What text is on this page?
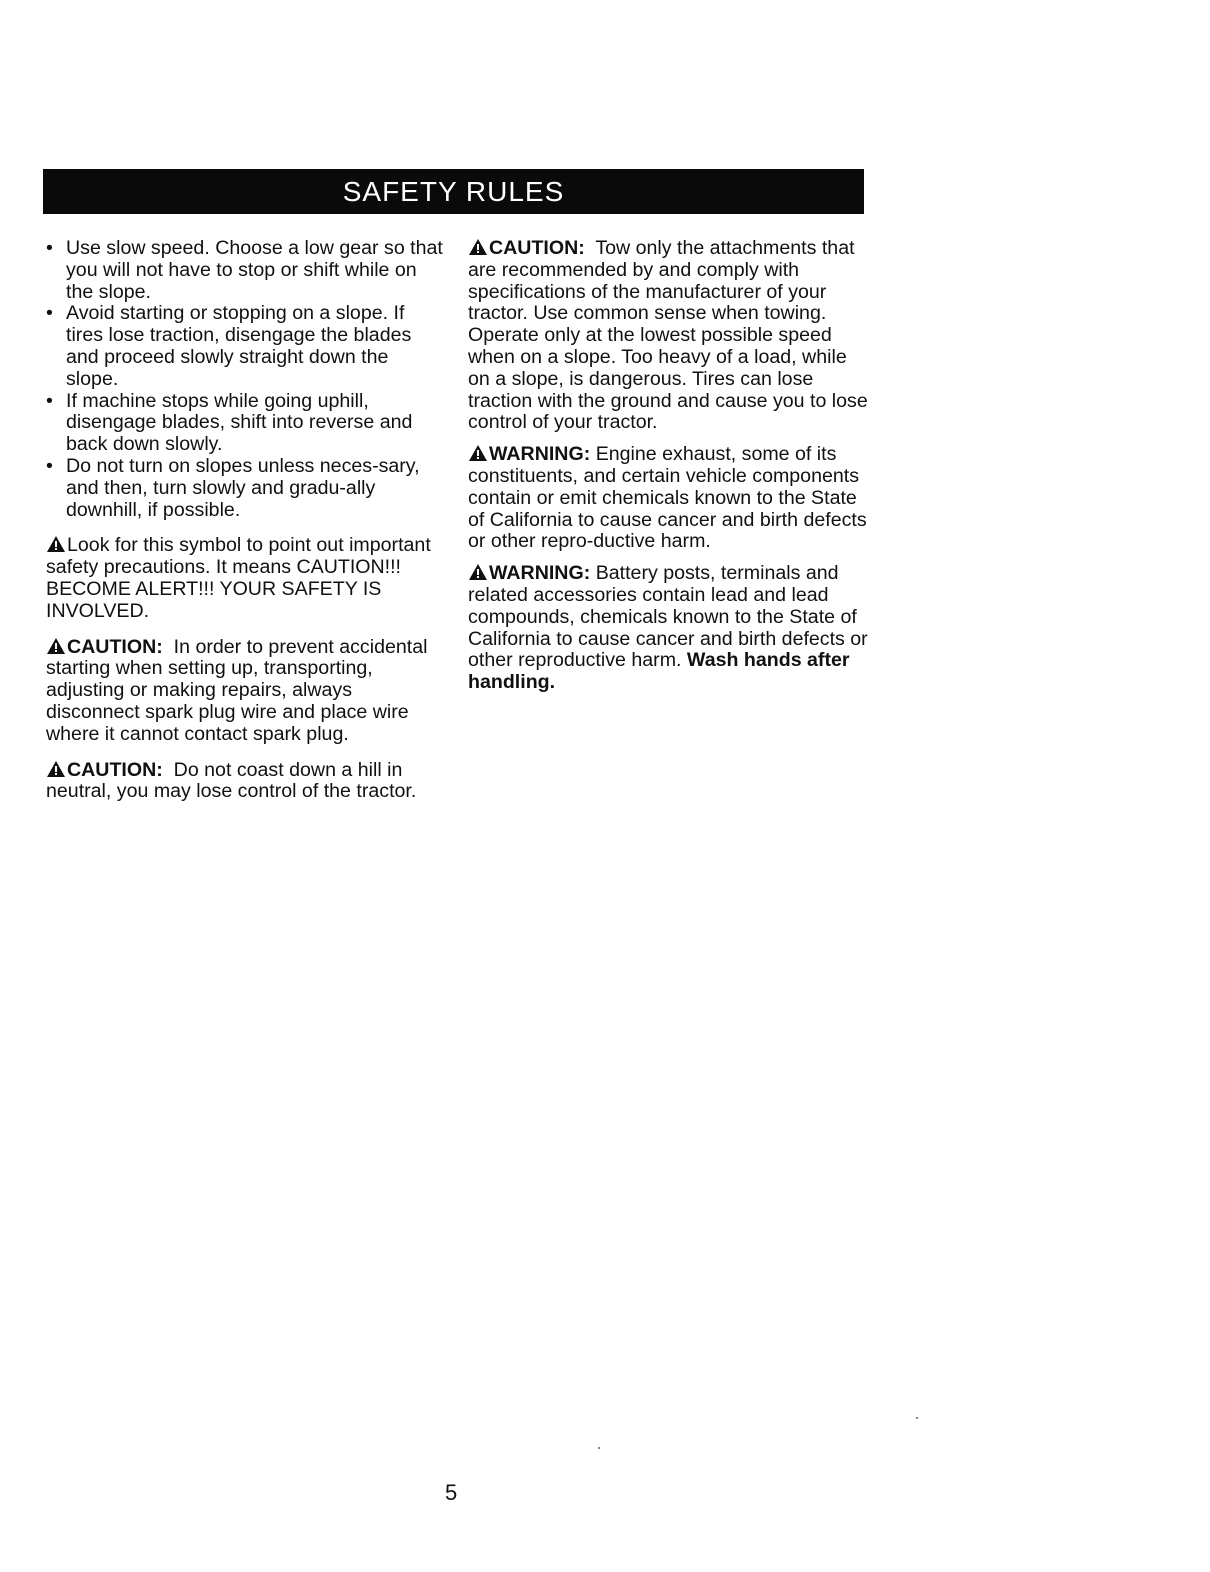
SAFETY RULES
• Use slow speed. Choose a low gear so that you will not have to stop or shift while on the slope.
• Avoid starting or stopping on a slope. If tires lose traction, disengage the blades and proceed slowly straight down the slope.
• If machine stops while going uphill, disengage blades, shift into reverse and back down slowly.
• Do not turn on slopes unless neces-sary, and then, turn slowly and gradu-ally downhill, if possible.

Look for this symbol to point out important safety precautions. It means CAUTION!!! BECOME ALERT!!! YOUR SAFETY IS INVOLVED.

CAUTION: In order to prevent accidental starting when setting up, transporting, adjusting or making repairs, always disconnect spark plug wire and place wire where it cannot contact spark plug.

CAUTION: Do not coast down a hill in neutral, you may lose control of the tractor.

CAUTION: Tow only the attachments that are recommended by and comply with specifications of the manufacturer of your tractor. Use common sense when towing. Operate only at the lowest possible speed when on a slope. Too heavy of a load, while on a slope, is dangerous. Tires can lose traction with the ground and cause you to lose control of your tractor.

WARNING: Engine exhaust, some of its constituents, and certain vehicle components contain or emit chemicals known to the State of California to cause cancer and birth defects or other repro-ductive harm.

WARNING: Battery posts, terminals and related accessories contain lead and lead compounds, chemicals known to the State of California to cause cancer and birth defects or other reproductive harm. Wash hands after handling.

5
